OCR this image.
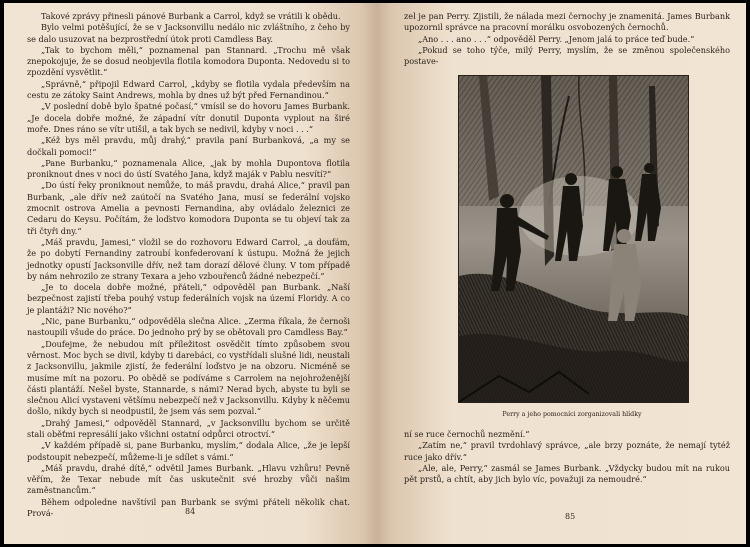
Takové zprávy přinesli pánové Burbank a Carrol, když se vrátili k obědu.

Bylo velmi potěšující, že se v Jacksonvillu nedálo nic zvláštního, z čeho by se dalo usuzovat na bezprostřední útok proti Camdless Bay.

„Tak to bychom měli,“ poznamenal pan Stannard. „Trochu mě však znepokojuje, že se dosud neobjevila flotila komodora Duponta. Nedovedu si to zpozdění vysvětlit.“

„Správně,“ připojil Edward Carrol, „kdyby se flotila vydala především na cestu ze zátoky Saint Andrews, mohla by dnes už být před Fernandinou.“

„V poslední době bylo špatné počasí,“ vmísil se do hovoru James Burbank. „Je docela dobře možné, že západní vítr donutil Duponta vyplout na širé moře. Dnes ráno se vítr utišil, a tak bych se nedivil, kdyby v noci . . .“

„Kéž bys měl pravdu, můj drahý,“ pravila paní Burbanková, „a my se dočkali pomoci!“

„Pane Burbanku,“ poznamenala Alice, „jak by mohla Dupontova flotila proniknout dnes v noci do ústí Svatého Jana, když maják v Pablu nesvítí?“

„Do ústí řeky proniknout nemůže, to máš pravdu, drahá Alice,“ pravil pan Burbank, „ale dřív než zaútočí na Svatého Jana, musí se federální vojsko zmocnit ostrova Amelia a pevnosti Fernandina, aby ovládalo železnici ze Cedaru do Keysu. Počítám, že loďstvo komodora Duponta se tu objeví tak za tři čtyři dny.“

„Máš pravdu, Jamesi,“ vložil se do rozhovoru Edward Carrol, „a doufám, že po dobytí Fernandiny zatroubí konfederovaní k ústupu. Možná že jejich jednotky opustí Jacksonville dřív, než tam dorazí dělové čluny. V tom případě by nám nehrozilo ze strany Texara a jeho vzbouřenců žádné nebezpečí.“

„Je to docela dobře možné, přáteli,“ odpověděl pan Burbank. „Naší bezpečnost zajistí třeba pouhý vstup federálních vojsk na území Floridy. A co je plantáži? Nic nového?“

„Nic, pane Burbanku,“ odpověděla slečna Alice. „Zerma říkala, že černoši nastoupili všude do práce. Do jednoho prý by se obětovali pro Camdless Bay.“

„Doufejme, že nebudou mít příležitost osvědčit tímto způsobem svou věrnost. Moc bych se divil, kdyby ti darebáci, co vystřídali slušné lidi, neustali z Jacksonvillu, jakmile zjistí, že federální loďstvo je na obzoru. Nicméně se musíme mít na pozoru. Po obědě se podíváme s Carrolem na nejohroženější části plantáží. Nešel byste, Stannarde, s námi? Nerad bych, abyste tu byli se slečnou Alicí vystaveni většímu nebezpečí než v Jacksonvillu. Kdyby k něčemu došlo, nikdy bych si neodpustil, že jsem vás sem pozval.“

„Drahý Jamesi,“ odpověděl Stannard, „v Jacksonvillu bychom se určitě stali oběťmi represálií jako všichni ostatní odpůrci otroctví.“

„V každém případě si, pane Burbanku, myslím,“ dodala Alice, „že je lepší podstoupit nebezpečí, můžeme-li je sdílet s vámi.“

„Máš pravdu, drahé dítě,“ odvětil James Burbank. „Hlavu vzhůru! Pevně věřím, že Texar nebude mít čas uskutečnit své hrozby vůči našim zaměstnancům.“

Během odpoledne navštívil pan Burbank se svými přáteli několik chat. Prová-	84

zel je pan Perry. Zjistili, že nálada mezi černochy je znamenitá. James Burbank upozornil správce na pracovní morálku osvobozených černochů.

„Ano . . . ano . . .“ odpověděl Perry. „Jenom jalá to práce teď bude.“

„Pokud se toho týče, milý Perry, myslím, že se změnou společenského postave-

Perry a jeho pomocníci zorganizovali hlídky

ní se ruce černochů nezmění.“

„Zatím ne,“ pravil tvrdohlavý správce, „ale brzy poznáte, že nemají tytéž ruce jako dřív.“

„Ale, ale, Perry,“ zasmál se James Burbank. „Vždycky budou mít na rukou pět prstů, a chtít, aby jich bylo víc, považuji za nemoudré.“

85
